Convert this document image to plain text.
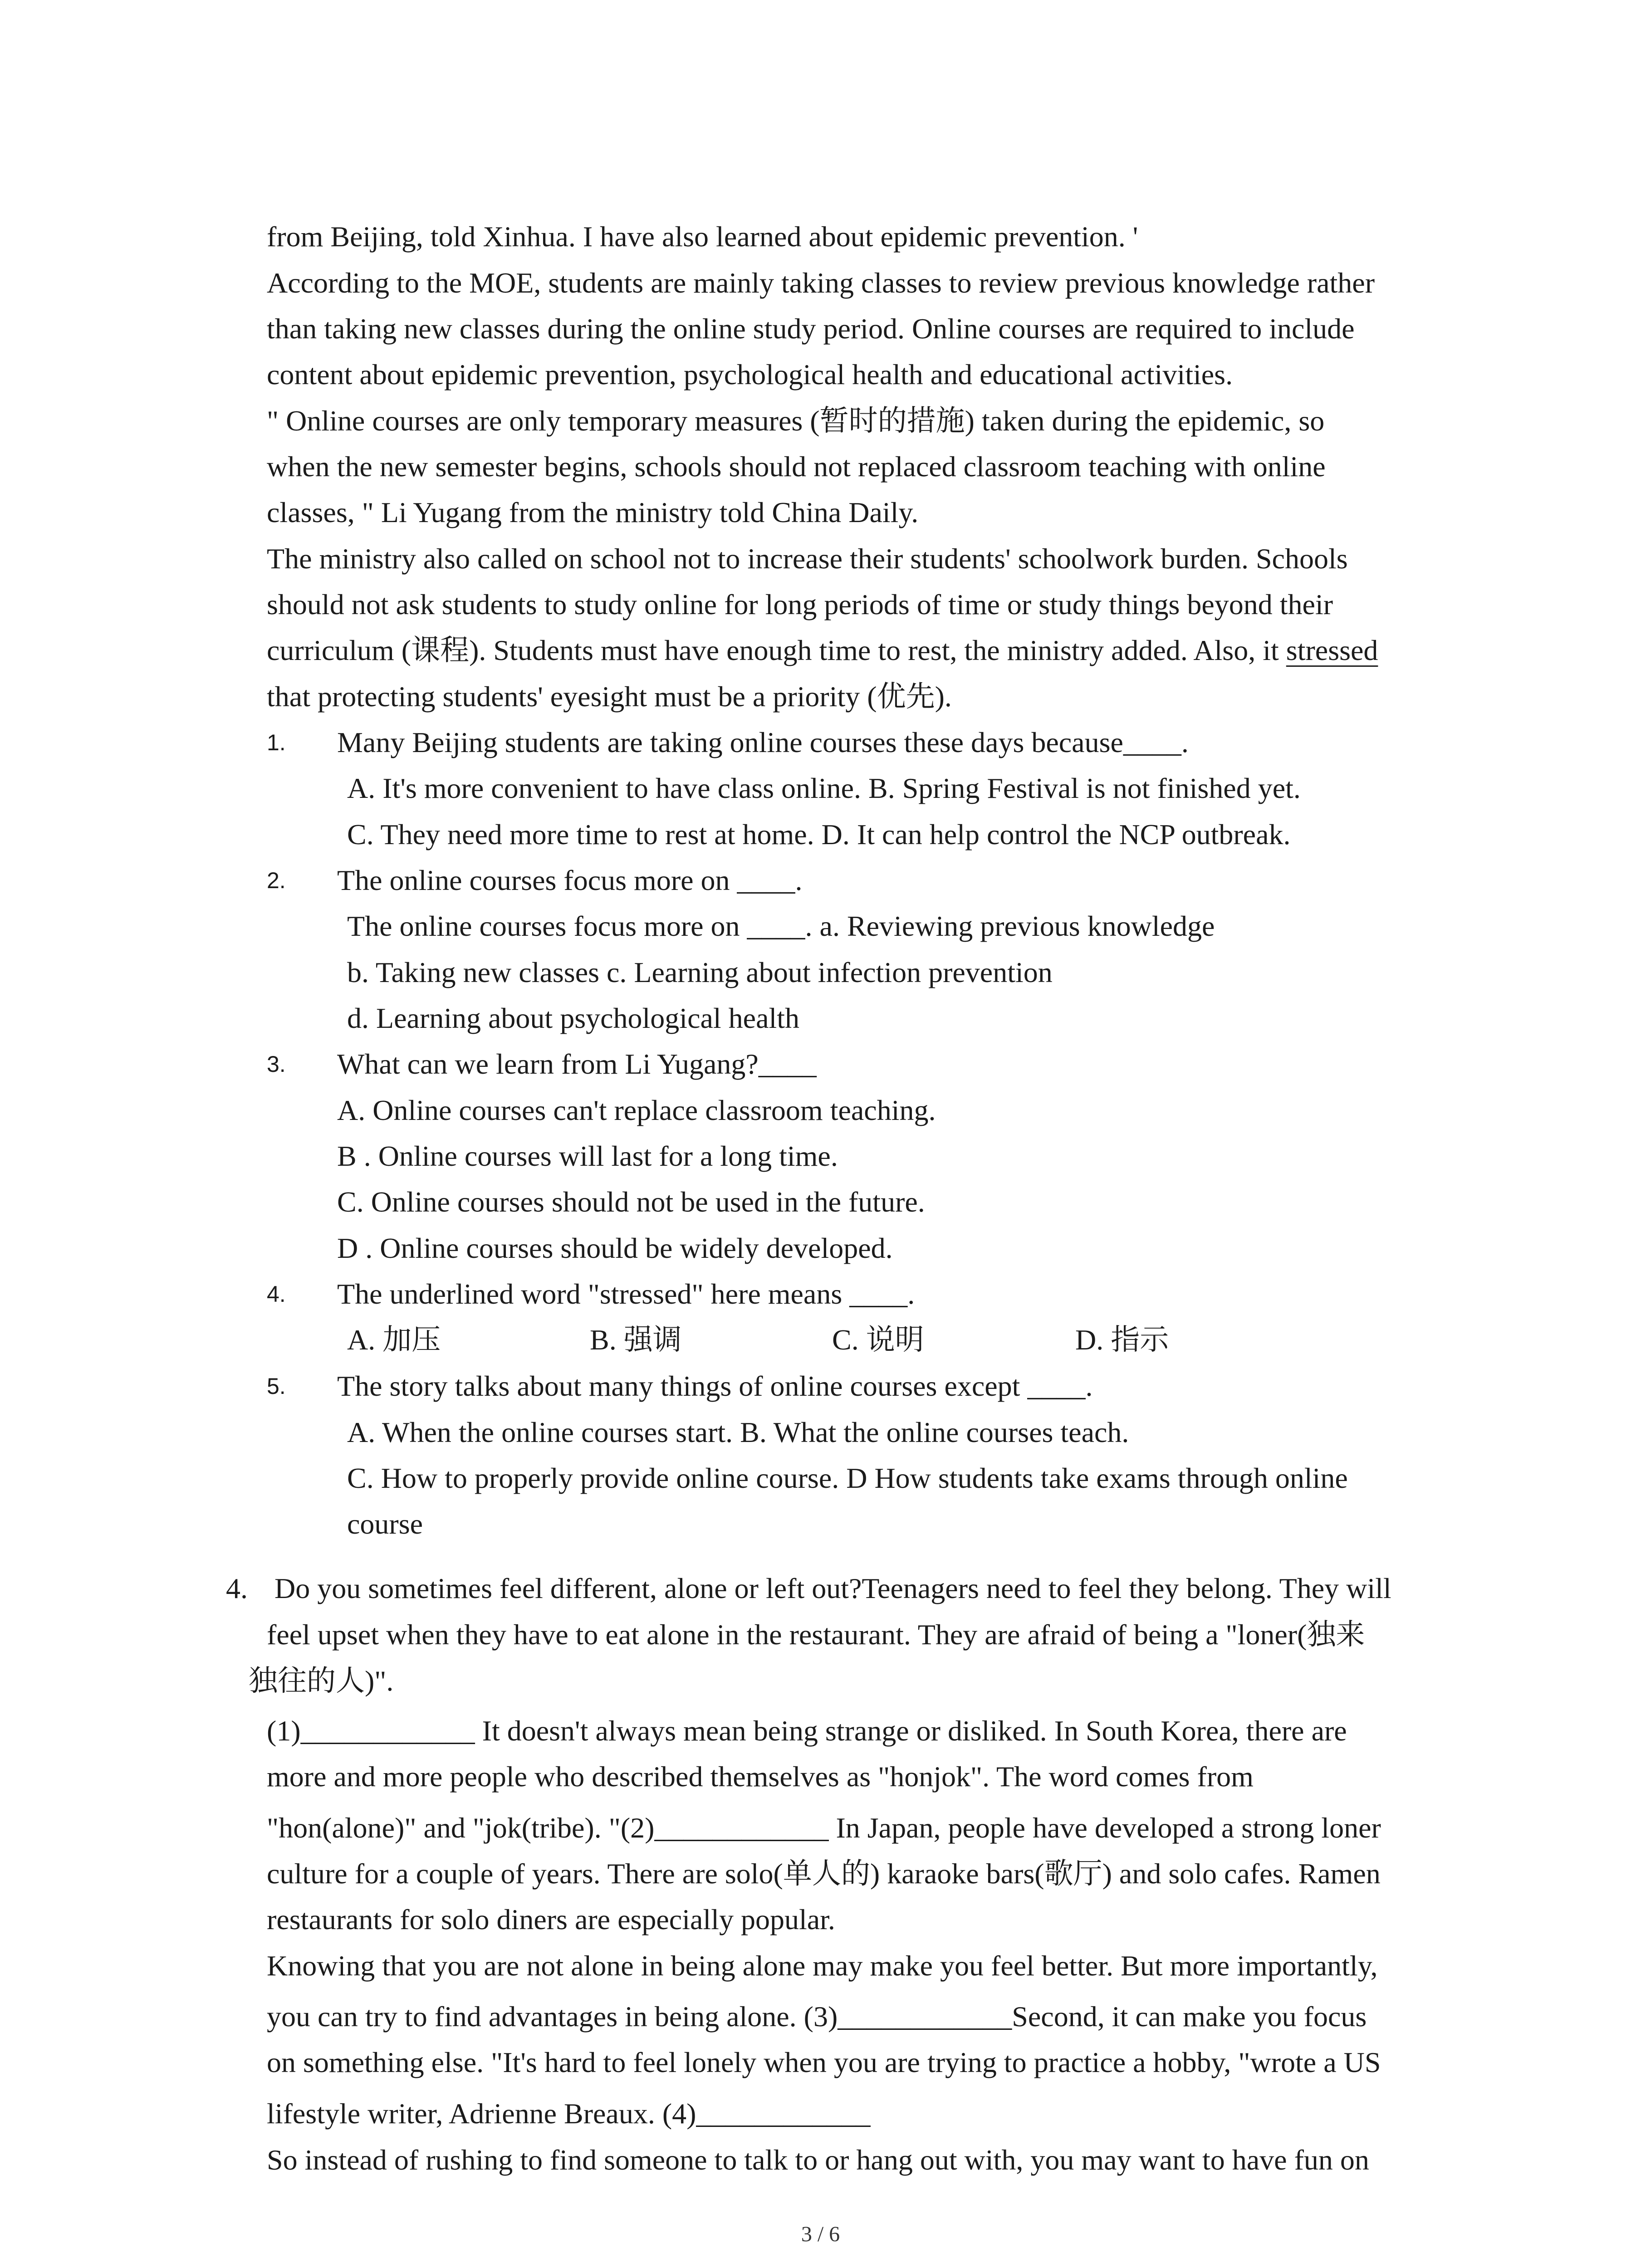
from Beijing, told Xinhua. I have also learned about epidemic prevention. '
According to the MOE, students are mainly taking classes to review previous knowledge rather
than taking new classes during the online study period. Online courses are required to include
content about epidemic prevention, psychological health and educational activities.
" Online courses are only temporary measures (暂时的措施) taken during the epidemic, so
when the new semester begins, schools should not replaced classroom teaching with online
classes, " Li Yugang from the ministry told China Daily.
The ministry also called on school not to increase their students' schoolwork burden. Schools
should not ask students to study online for long periods of time or study things beyond their
curriculum (课程). Students must have enough time to rest, the ministry added. Also, it stressed
that protecting students' eyesight must be a priority (优先).
1. Many Beijing students are taking online courses these days because____.
A. It's more convenient to have class online. B. Spring Festival is not finished yet.
C. They need more time to rest at home. D. It can help control the NCP outbreak.
2. The online courses focus more on ____.
The online courses focus more on ____. a. Reviewing previous knowledge
b. Taking new classes c. Learning about infection prevention
d. Learning about psychological health
3. What can we learn from Li Yugang?____
A. Online courses can't replace classroom teaching.
B . Online courses will last for a long time.
C. Online courses should not be used in the future.
D . Online courses should be widely developed.
4. The underlined word "stressed" here means ____.
A. 加压	B. 强调	C. 说明	D. 指示
5. The story talks about many things of online courses except ____.
A. When the online courses start. B. What the online courses teach.
C. How to properly provide online course. D How students take exams through online
course
4. Do you sometimes feel different, alone or left out?Teenagers need to feel they belong. They will
feel upset when they have to eat alone in the restaurant. They are afraid of being a "loner(独来
独往的人)".
(1)____________ It doesn't always mean being strange or disliked. In South Korea, there are
more and more people who described themselves as "honjok". The word comes from
"hon(alone)" and "jok(tribe). "(2)____________ In Japan, people have developed a strong loner
culture for a couple of years. There are solo(单人的) karaoke bars(歌厅) and solo cafes. Ramen
restaurants for solo diners are especially popular.
Knowing that you are not alone in being alone may make you feel better. But more importantly,
you can try to find advantages in being alone. (3)____________Second, it can make you focus
on something else. "It's hard to feel lonely when you are trying to practice a hobby, "wrote a US
lifestyle writer, Adrienne Breaux. (4)____________
So instead of rushing to find someone to talk to or hang out with, you may want to have fun on
3 / 6
